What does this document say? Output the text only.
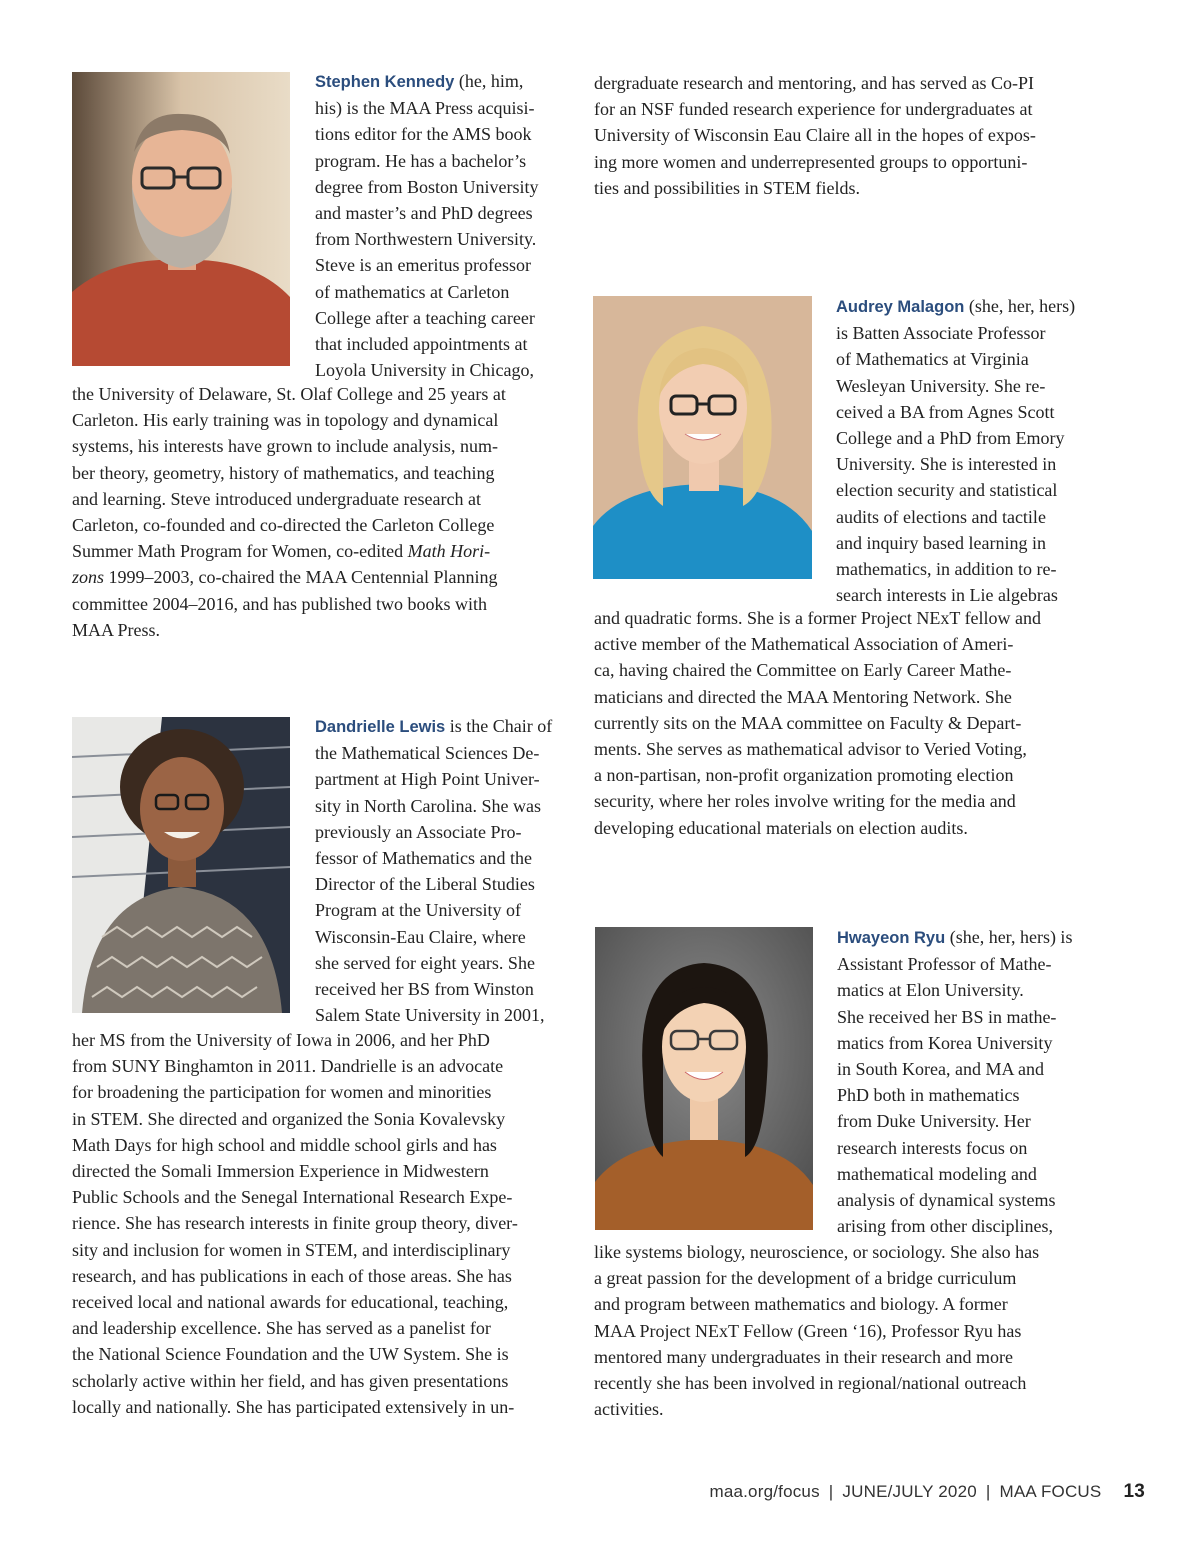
Stephen Kennedy (he, him,
his) is the MAA Press acquisi-
tions editor for the AMS book
program. He has a bachelor’s
degree from Boston University
and master’s and PhD degrees
from Northwestern University.
Steve is an emeritus professor
of mathematics at Carleton
College after a teaching career
that included appointments at
Loyola University in Chicago,

the University of Delaware, St. Olaf College and 25 years at
Carleton. His early training was in topology and dynamical
systems, his interests have grown to include analysis, num-
ber theory, geometry, history of mathematics, and teaching
and learning. Steve introduced undergraduate research at
Carleton, co-founded and co-directed the Carleton College
Summer Math Program for Women, co-edited Math Hori-
zons 1999–2003, co-chaired the MAA Centennial Planning
committee 2004–2016, and has published two books with
MAA Press.

Dandrielle Lewis is the Chair of
the Mathematical Sciences De-
partment at High Point Univer-
sity in North Carolina. She was
previously an Associate Pro-
fessor of Mathematics and the
Director of the Liberal Studies
Program at the University of
Wisconsin-Eau Claire, where
she served for eight years. She
received her BS from Winston
Salem State University in 2001,

her MS from the University of Iowa in 2006, and her PhD
from SUNY Binghamton in 2011. Dandrielle is an advocate
for broadening the participation for women and minorities
in STEM. She directed and organized the Sonia Kovalevsky
Math Days for high school and middle school girls and has
directed the Somali Immersion Experience in Midwestern
Public Schools and the Senegal International Research Expe-
rience. She has research interests in finite group theory, diver-
sity and inclusion for women in STEM, and interdisciplinary
research, and has publications in each of those areas. She has
received local and national awards for educational, teaching,
and leadership excellence. She has served as a panelist for
the National Science Foundation and the UW System. She is
scholarly active within her field, and has given presentations
locally and nationally. She has participated extensively in un-

dergraduate research and mentoring, and has served as Co-PI
for an NSF funded research experience for undergraduates at
University of Wisconsin Eau Claire all in the hopes of expos-
ing more women and underrepresented groups to opportuni-
ties and possibilities in STEM fields.

Audrey Malagon (she, her, hers)
is Batten Associate Professor
of Mathematics at Virginia
Wesleyan University. She re-
ceived a BA from Agnes Scott
College and a PhD from Emory
University. She is interested in
election security and statistical
audits of elections and tactile
and inquiry based learning in
mathematics, in addition to re-
search interests in Lie algebras

and quadratic forms. She is a former Project NExT fellow and
active member of the Mathematical Association of Ameri-
ca, having chaired the Committee on Early Career Mathe-
maticians and directed the MAA Mentoring Network. She
currently sits on the MAA committee on Faculty & Depart-
ments. She serves as mathematical advisor to Veried Voting,
a non-partisan, non-profit organization promoting election
security, where her roles involve writing for the media and
developing educational materials on election audits.

Hwayeon Ryu (she, her, hers) is
Assistant Professor of Mathe-
matics at Elon University.
She received her BS in mathe-
matics from Korea University
in South Korea, and MA and
PhD both in mathematics
from Duke University. Her
research interests focus on
mathematical modeling and
analysis of dynamical systems
arising from other disciplines,

like systems biology, neuroscience, or sociology. She also has
a great passion for the development of a bridge curriculum
and program between mathematics and biology. A former
MAA Project NExT Fellow (Green ‘16), Professor Ryu has
mentored many undergraduates in their research and more
recently she has been involved in regional/national outreach
activities.

maa.org/focus | JUNE/JULY 2020 | MAA FOCUS 13
